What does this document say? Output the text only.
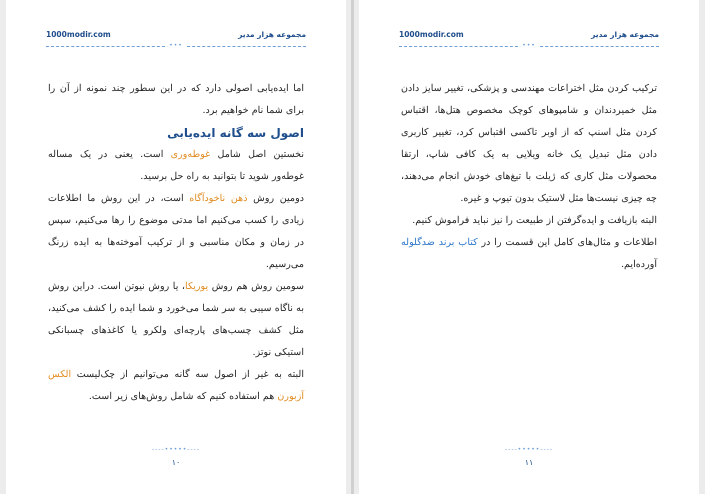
1000modir.com	مجموعه هزار مدیر
•••

اما ایده‌یابی اصولی دارد که در این سطور چند نمونه از آن را برای شما نام خواهیم برد.

اصول سه گانه ایده‌یابی

نخستین اصل شامل غوطه‌وری است. یعنی در یک مساله غوطه‌ور شوید تا بتوانید به راه حل برسید.

دومین روش ذهن ناخودآگاه است، در این روش ما اطلاعات زیادی را کسب می‌کنیم اما مدتی موضوع را رها می‌کنیم، سپس در زمان و مکان مناسبی و از ترکیب آموخته‌ها به ایده زرنگ می‌رسیم.

سومین روش هم روش یوریکا، یا روش نیوتن است. دراین روش به ناگاه سیبی به سر شما می‌خورد و شما ایده را کشف می‌کنید، مثل کشف چسب‌های پارچه‌ای ولکرو یا کاغذهای چسبانکی استیکی نوتز.

البته به غیر از اصول سه گانه می‌توانیم از چک‌لیست الکس آزبورن هم استفاده کنیم که شامل روش‌های زیر است.

----•••••----
۱۰
1000modir.com	مجموعه هزار مدیر
•••

ترکیب کردن مثل اختراعات مهندسی و پزشکی، تغییر سایز دادن مثل خمیردندان و شامپوهای کوچک مخصوص هتل‌ها، اقتباس کردن مثل اسنپ که از اوبر تاکسی اقتباس کرد، تغییر کاربری دادن مثل تبدیل یک خانه ویلایی به یک کافی شاپ، ارتقا محصولات مثل کاری که ژیلت با تیغ‌های خودش انجام می‌دهند، چه چیزی نیست‌ها مثل لاستیک بدون تیوپ و غیره.

البته بازیافت و ایده‌گرفتن از طبیعت را نیز نباید فراموش کنیم.

اطلاعات و مثال‌های کامل این قسمت را در کتاب برند ضدگلوله آورده‌ایم.

----•••••----
۱۱
